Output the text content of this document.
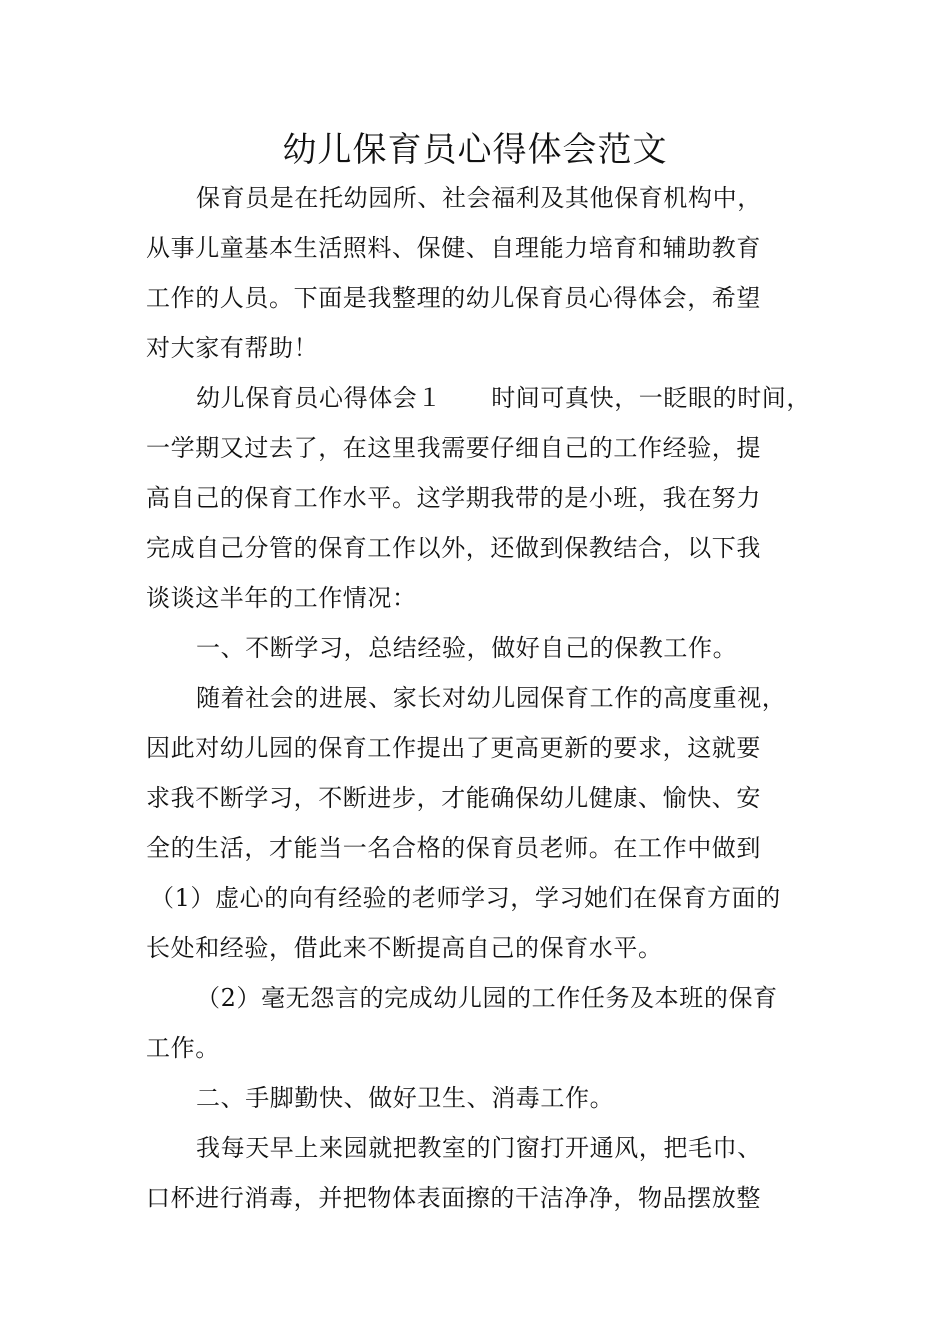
幼儿保育员心得体会范文
保育员是在托幼园所、社会福利及其他保育机构中，
从事儿童基本生活照料、保健、自理能力培育和辅助教育
工作的人员。下面是我整理的幼儿保育员心得体会，希望
对大家有帮助！
幼儿保育员心得体会１　　时间可真快，一眨眼的时间，
一学期又过去了，在这里我需要仔细自己的工作经验，提
高自己的保育工作水平。这学期我带的是小班，我在努力
完成自己分管的保育工作以外，还做到保教结合，以下我
谈谈这半年的工作情况：
一、不断学习，总结经验，做好自己的保教工作。
随着社会的进展、家长对幼儿园保育工作的高度重视，
因此对幼儿园的保育工作提出了更高更新的要求，这就要
求我不断学习，不断进步，才能确保幼儿健康、愉快、安
全的生活，才能当一名合格的保育员老师。在工作中做到
（1）虚心的向有经验的老师学习，学习她们在保育方面的
长处和经验，借此来不断提高自己的保育水平。
（2）毫无怨言的完成幼儿园的工作任务及本班的保育
工作。
二、手脚勤快、做好卫生、消毒工作。
我每天早上来园就把教室的门窗打开通风，把毛巾、
口杯进行消毒，并把物体表面擦的干洁净净，物品摆放整
